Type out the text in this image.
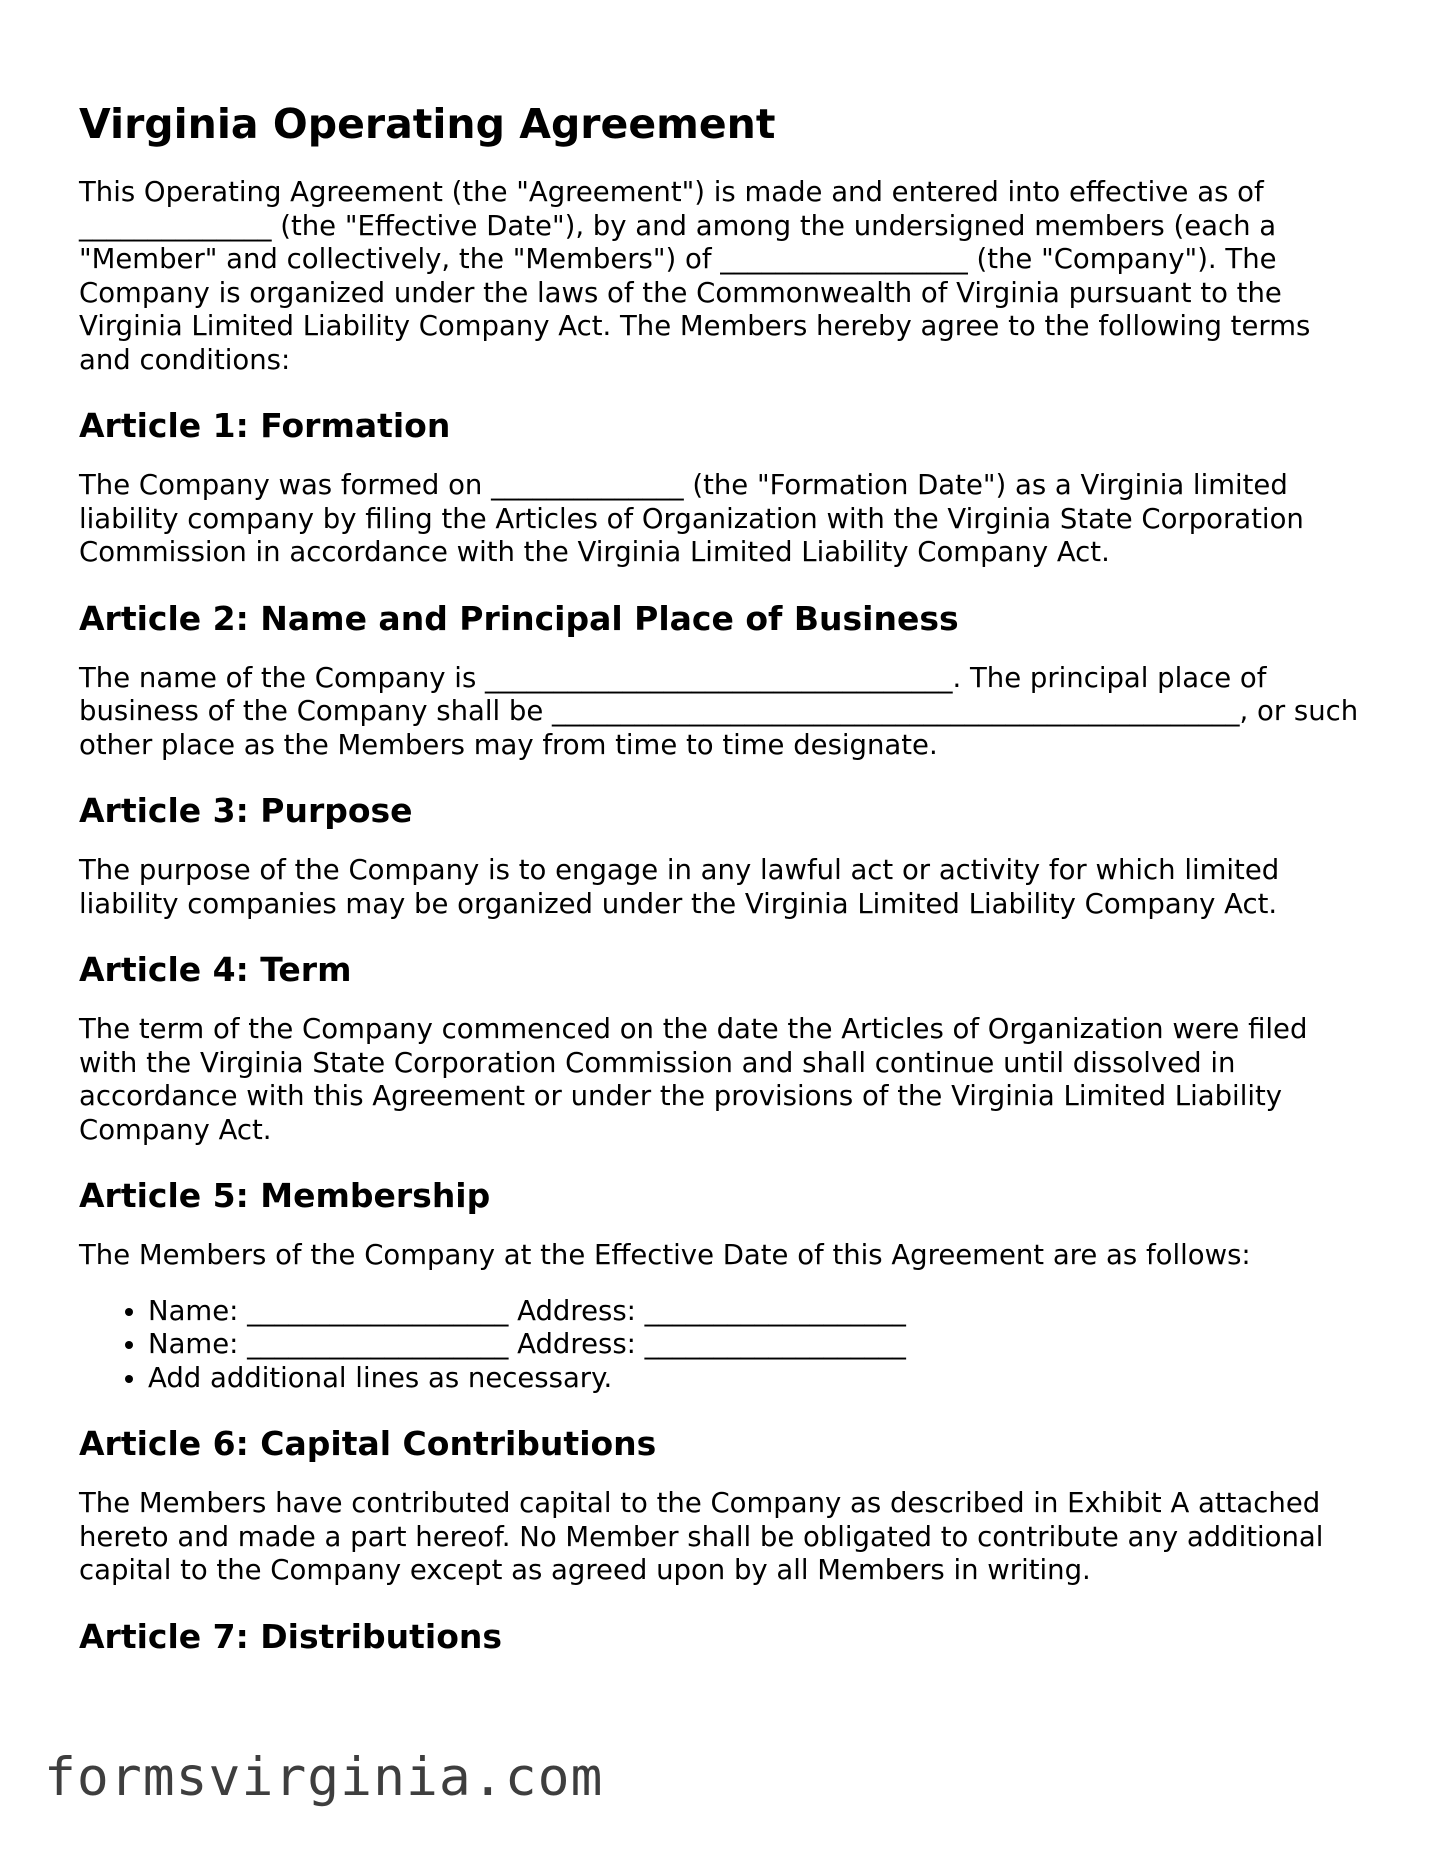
Virginia Operating Agreement

This Operating Agreement (the "Agreement") is made and entered into effective as of ______________ (the "Effective Date"), by and among the undersigned members (each a "Member" and collectively, the "Members") of __________________ (the "Company"). The Company is organized under the laws of the Commonwealth of Virginia pursuant to the Virginia Limited Liability Company Act. The Members hereby agree to the following terms and conditions:

Article 1: Formation

The Company was formed on ______________ (the "Formation Date") as a Virginia limited liability company by filing the Articles of Organization with the Virginia State Corporation Commission in accordance with the Virginia Limited Liability Company Act.

Article 2: Name and Principal Place of Business

The name of the Company is __________________________________. The principal place of business of the Company shall be __________________________________________________, or such other place as the Members may from time to time designate.

Article 3: Purpose

The purpose of the Company is to engage in any lawful act or activity for which limited liability companies may be organized under the Virginia Limited Liability Company Act.

Article 4: Term

The term of the Company commenced on the date the Articles of Organization were filed with the Virginia State Corporation Commission and shall continue until dissolved in accordance with this Agreement or under the provisions of the Virginia Limited Liability Company Act.

Article 5: Membership

The Members of the Company at the Effective Date of this Agreement are as follows:

• Name: ___________________ Address: ___________________
• Name: ___________________ Address: ___________________
• Add additional lines as necessary.
Article 6: Capital Contributions

The Members have contributed capital to the Company as described in Exhibit A attached hereto and made a part hereof. No Member shall be obligated to contribute any additional capital to the Company except as agreed upon by all Members in writing.

Article 7: Distributions
formsvirginia.com
